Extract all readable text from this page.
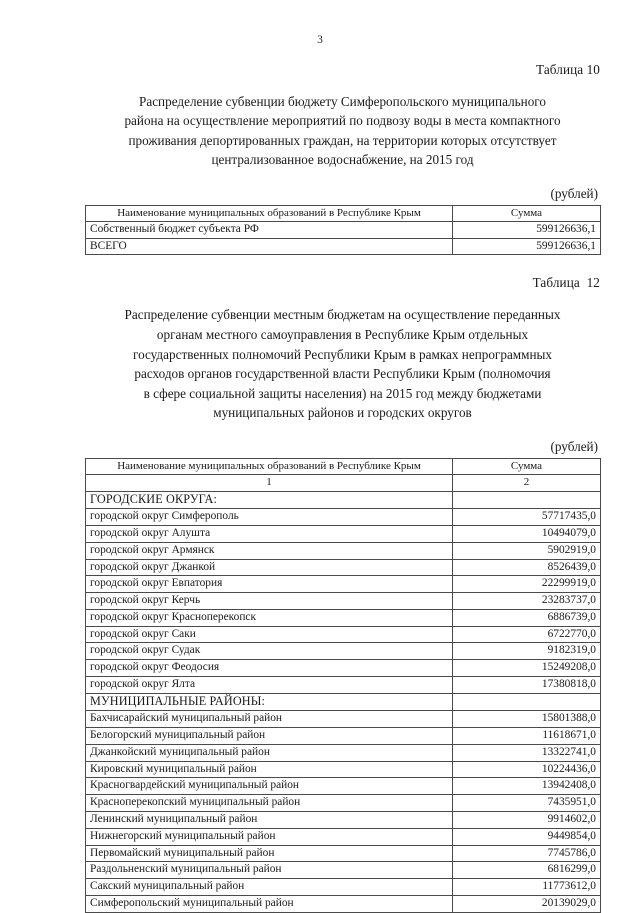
3
Таблица 10
Распределение субвенции бюджету Симферопольского муниципального
района на осуществление мероприятий по подвозу воды в места компактного
проживания депортированных граждан, на территории которых отсутствует
централизованное водоснабжение, на 2015 год
(рублей)
Наименование муниципальных образований в Республике Крым	Сумма
Собственный бюджет субъекта РФ	599126636,1
ВСЕГО	599126636,1
Таблица  12
Распределение субвенции местным бюджетам на осуществление переданных
органам местного самоуправления в Республике Крым отдельных
государственных полномочий Республики Крым в рамках непрограммных
расходов органов государственной власти Республики Крым (полномочия
в сфере социальной защиты населения) на 2015 год между бюджетами
муниципальных районов и городских округов
(рублей)
Наименование муниципальных образований в Республике Крым	Сумма
1	2
ГОРОДСКИЕ ОКРУГА:	
городской округ Симферополь	57717435,0
городской округ Алушта	10494079,0
городской округ Армянск	5902919,0
городской округ Джанкой	8526439,0
городской округ Евпатория	22299919,0
городской округ Керчь	23283737,0
городской округ Красноперекопск	6886739,0
городской округ Саки	6722770,0
городской округ Судак	9182319,0
городской округ Феодосия	15249208,0
городской округ Ялта	17380818,0
МУНИЦИПАЛЬНЫЕ РАЙОНЫ:	
Бахчисарайский муниципальный район	15801388,0
Белогорский муниципальный район	11618671,0
Джанкойский муниципальный район	13322741,0
Кировский муниципальный район	10224436,0
Красногвардейский муниципальный район	13942408,0
Красноперекопский муниципальный район	7435951,0
Ленинский муниципальный район	9914602,0
Нижнегорский муниципальный район	9449854,0
Первомайский муниципальный район	7745786,0
Раздольненский муниципальный район	6816299,0
Сакский муниципальный район	11773612,0
Симферопольский муниципальный район	20139029,0
